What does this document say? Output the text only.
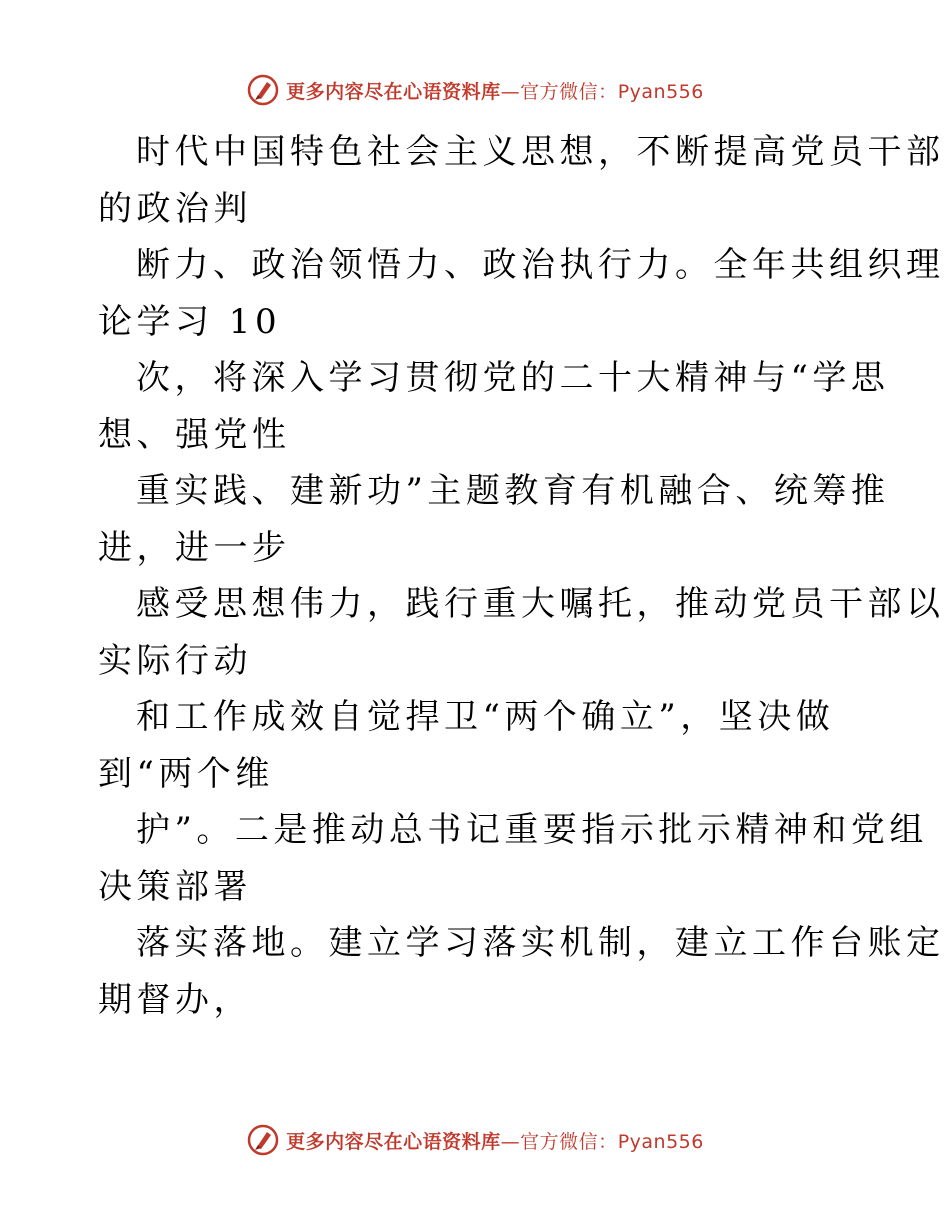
更多内容尽在心语资料库—官方微信：Pyan556
时代中国特色社会主义思想，不断提高党员干部
的政治判
断力、政治领悟力、政治执行力。全年共组织理
论学习 10
次，将深入学习贯彻党的二十大精神与“学思
想、强党性
重实践、建新功”主题教育有机融合、统筹推
进，进一步
感受思想伟力，践行重大嘱托，推动党员干部以
实际行动
和工作成效自觉捍卫“两个确立”，坚决做
到“两个维
护”。二是推动总书记重要指示批示精神和党组
决策部署
落实落地。建立学习落实机制，建立工作台账定
期督办，
更多内容尽在心语资料库—官方微信：Pyan556
